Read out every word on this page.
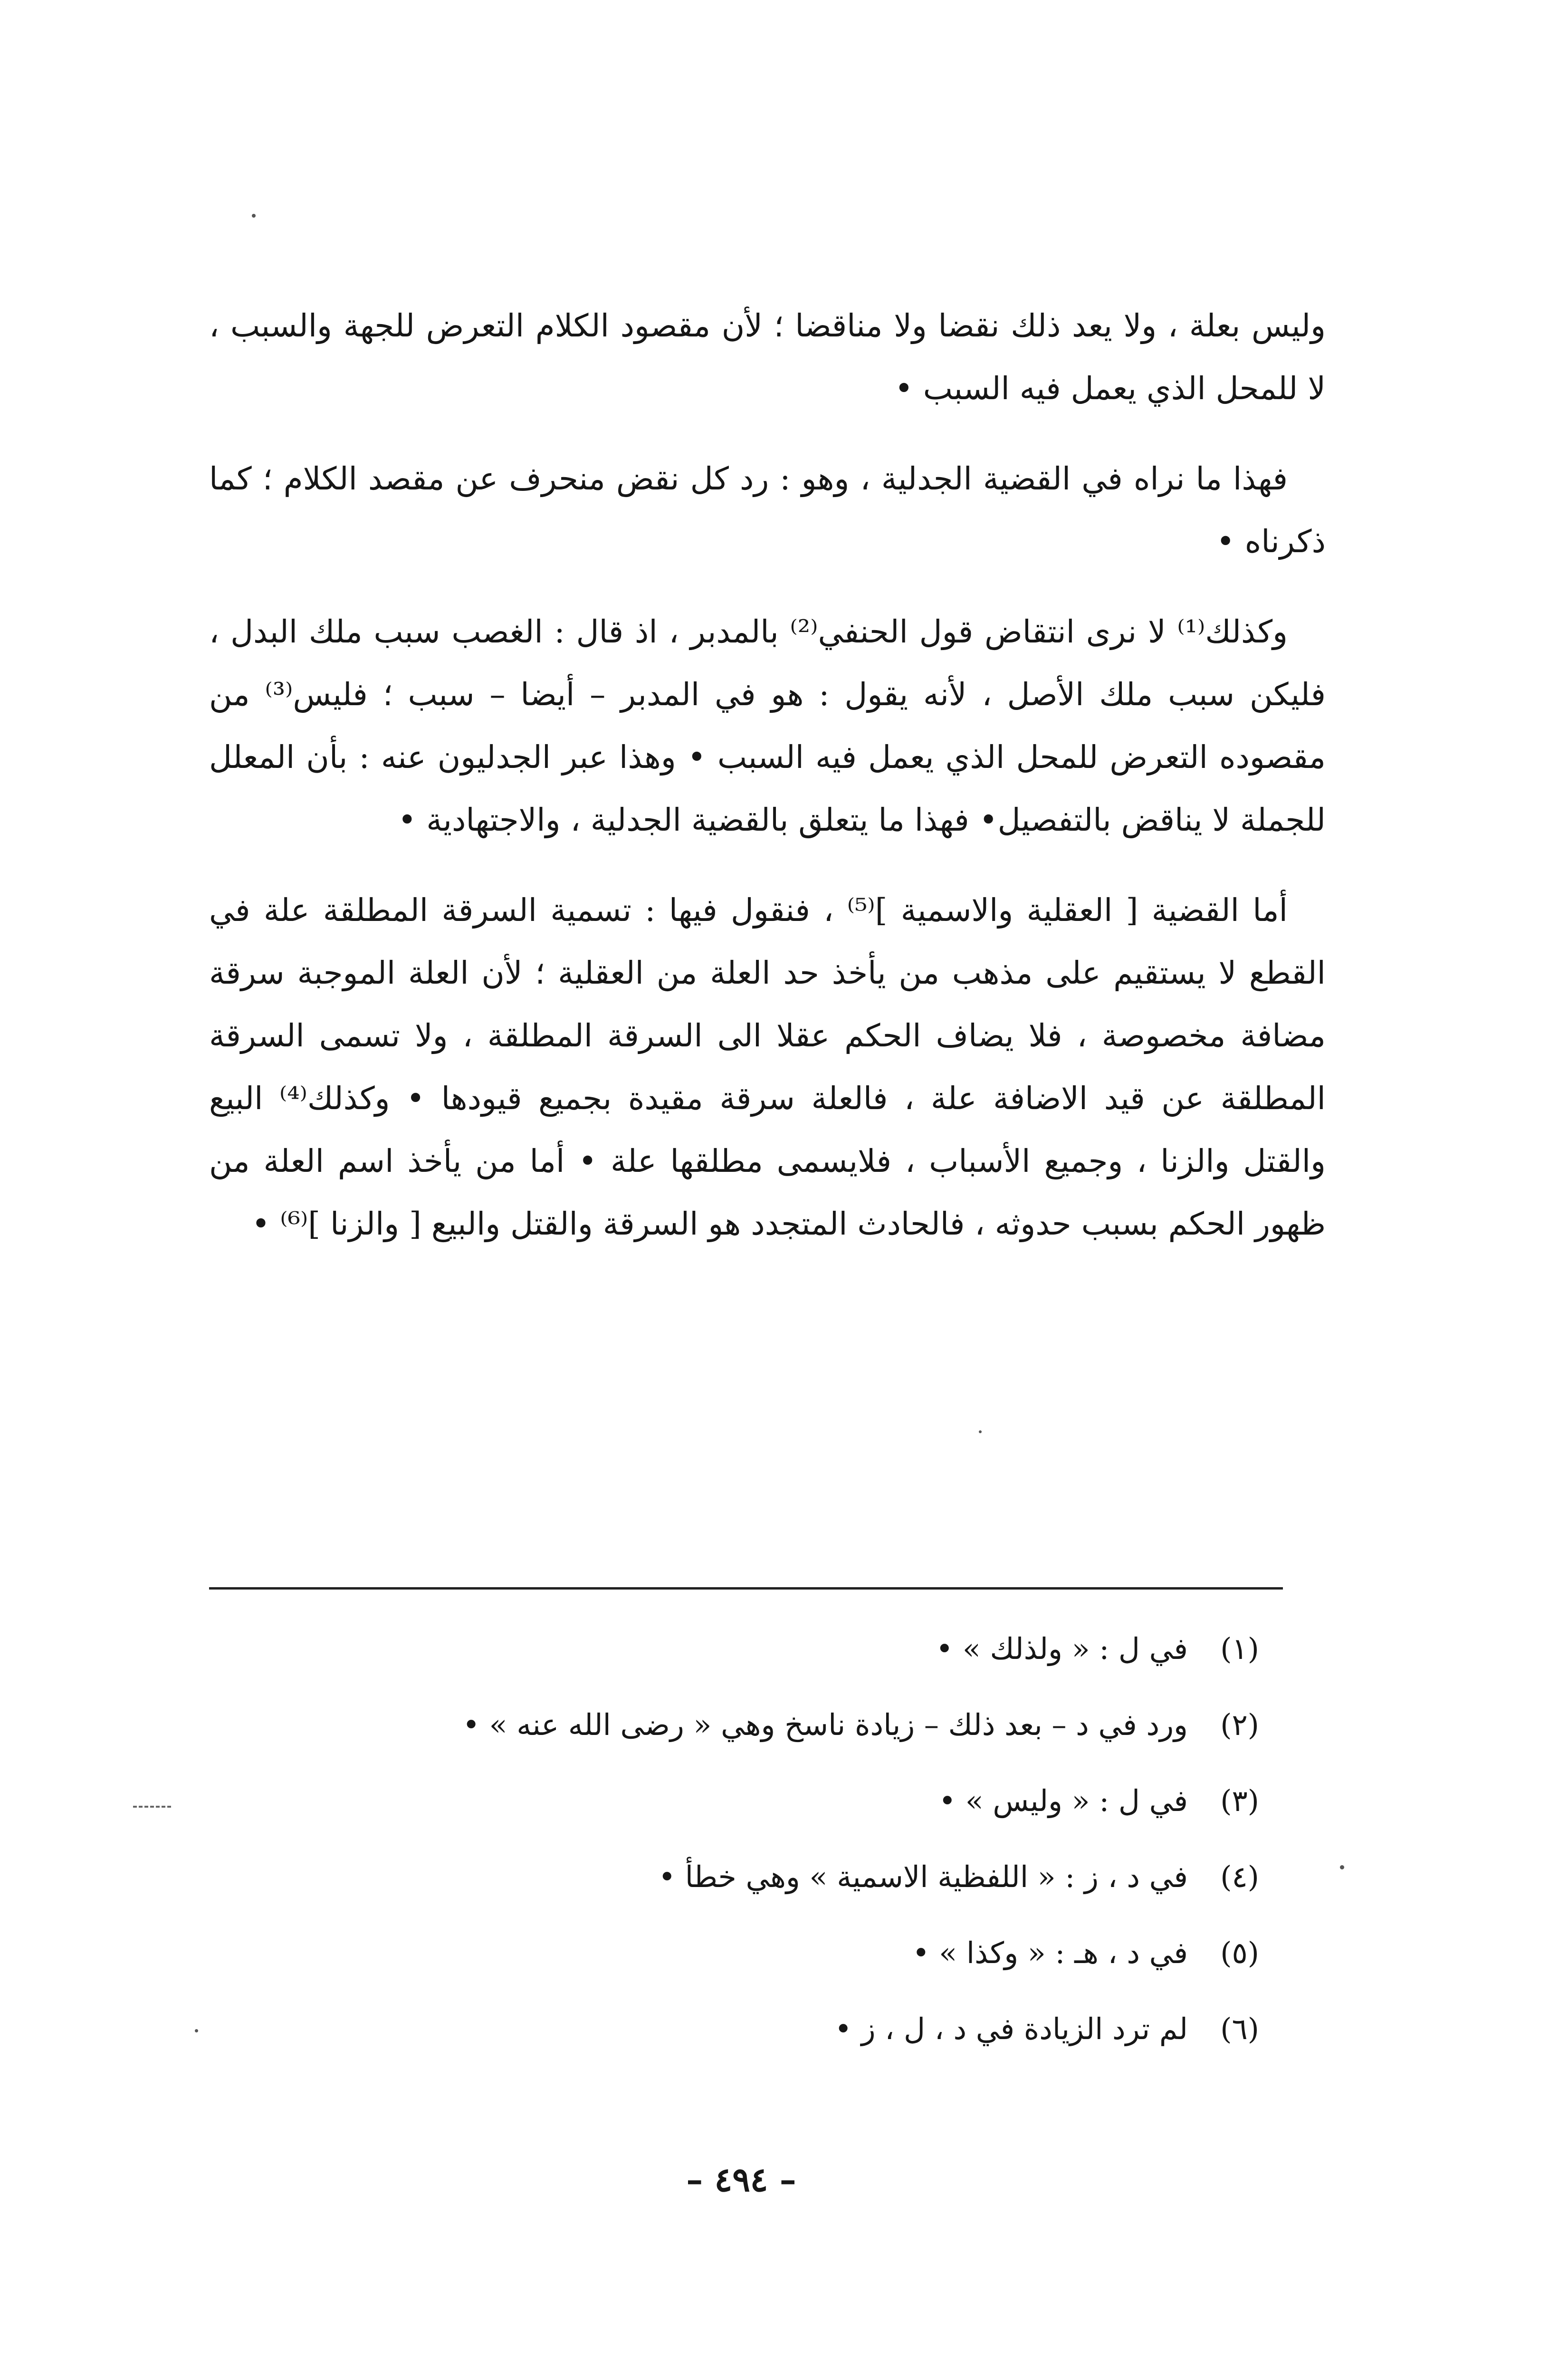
وليس بعلة ، ولا يعد ذلك نقضا ولا مناقضا ؛ لأن مقصود الكلام التعرض للجهة والسبب ، لا للمحل الذي يعمل فيه السبب •

فهذا ما نراه في القضية الجدلية ، وهو : رد كل نقض منحرف عن مقصد الكلام ؛ كما ذكرناه •

وكذلك⁽¹⁾ لا نرى انتقاض قول الحنفي⁽²⁾ بالمدبر ، اذ قال : الغصب سبب ملك البدل ، فليكن سبب ملك الأصل ، لأنه يقول : هو في المدبر – أيضا – سبب ؛ فليس⁽³⁾ من مقصوده التعرض للمحل الذي يعمل فيه السبب • وهذا عبر الجدليون عنه : بأن المعلل للجملة لا يناقض بالتفصيل• فهذا ما يتعلق بالقضية الجدلية ، والاجتهادية •

أما القضية [ العقلية والاسمية ]⁽⁵⁾ ، فنقول فيها : تسمية السرقة المطلقة علة في القطع لا يستقيم على مذهب من يأخذ حد العلة من العقلية ؛ لأن العلة الموجبة سرقة مضافة مخصوصة ، فلا يضاف الحكم عقلا الى السرقة المطلقة ، ولا تسمى السرقة المطلقة عن قيد الاضافة علة ، فالعلة سرقة مقيدة بجميع قيودها • وكذلك⁽⁴⁾ البيع والقتل والزنا ، وجميع الأسباب ، فلايسمى مطلقها علة • أما من يأخذ اسم العلة من ظهور الحكم بسبب حدوثه ، فالحادث المتجدد هو السرقة والقتل والبيع [ والزنا ]⁽⁶⁾ •

(١)
في ل : « ولذلك » •
(٢)
ورد في د – بعد ذلك – زيادة ناسخ وهي « رضى الله عنه » •
(٣)
في ل : « وليس » •
(٤)
في د ، ز : « اللفظية الاسمية » وهي خطأ •
(٥)
في د ، هـ : « وكذا » •
(٦)
لم ترد الزيادة في د ، ل ، ز •
– ٤٩٤ –
